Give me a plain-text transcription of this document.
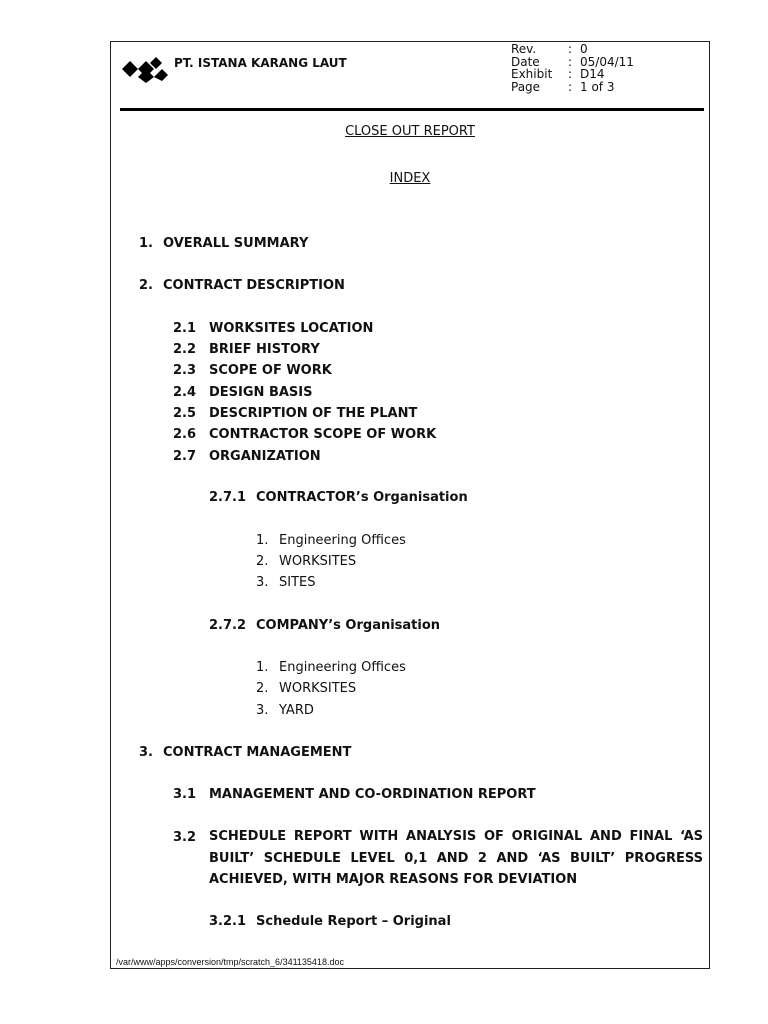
PT. ISTANA KARANG LAUT
Rev.	: 0
Date	: 05/04/11
Exhibit	: D14
Page	: 1 of 3
CLOSE OUT REPORT
INDEX
1. OVERALL SUMMARY
2. CONTRACT DESCRIPTION
2.1 WORKSITES LOCATION
2.2 BRIEF HISTORY
2.3 SCOPE OF WORK
2.4 DESIGN BASIS
2.5 DESCRIPTION OF THE PLANT
2.6 CONTRACTOR SCOPE OF WORK
2.7 ORGANIZATION
2.7.1 CONTRACTOR’s Organisation
1. Engineering Offices
2. WORKSITES
3. SITES
2.7.2 COMPANY’s Organisation
1. Engineering Offices
2. WORKSITES
3. YARD
3. CONTRACT MANAGEMENT
3.1 MANAGEMENT AND CO-ORDINATION REPORT
3.2 SCHEDULE REPORT WITH ANALYSIS OF ORIGINAL AND FINAL ‘AS BUILT’ SCHEDULE LEVEL 0,1 AND 2 AND ‘AS BUILT’ PROGRESS ACHIEVED, WITH MAJOR REASONS FOR DEVIATION
3.2.1 Schedule Report – Original
/var/www/apps/conversion/tmp/scratch_6/341135418.doc
